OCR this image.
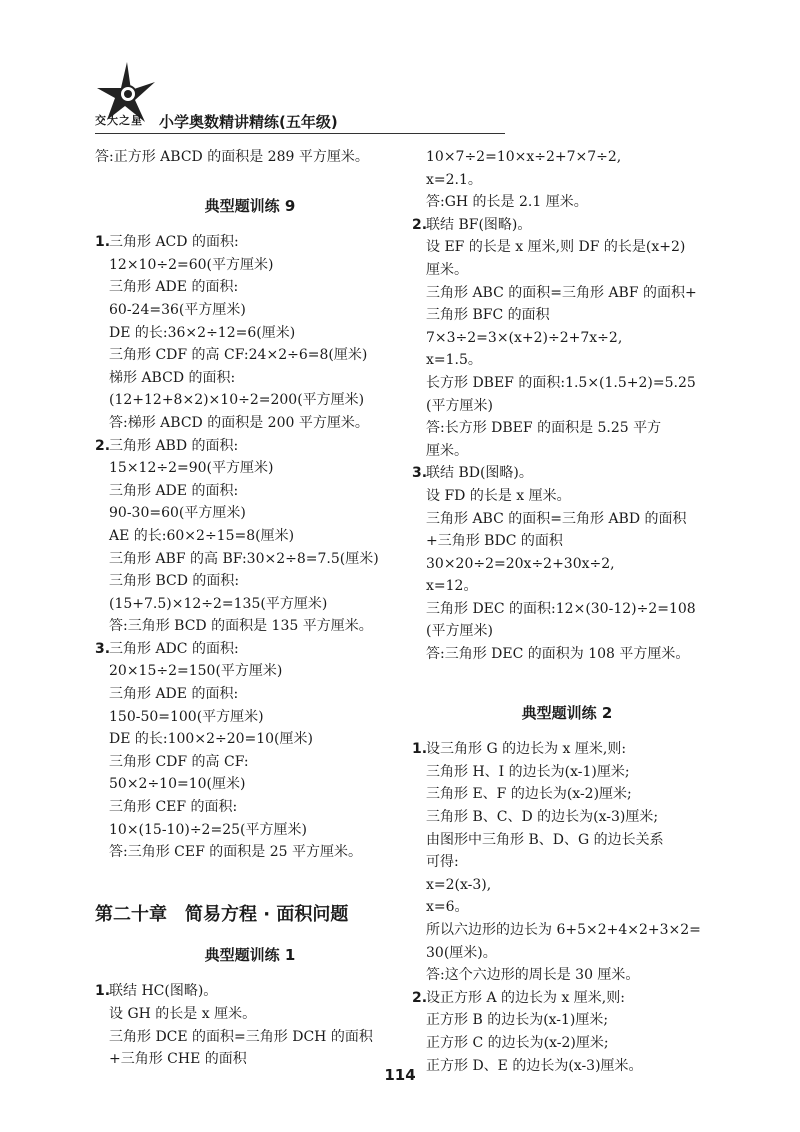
交大之星 小学奥数精讲精练(五年级)
答:正方形 ABCD 的面积是 289 平方厘米。
典型题训练 9
1.三角形 ACD 的面积:
12×10÷2=60(平方厘米)
三角形 ADE 的面积:
60-24=36(平方厘米)
DE 的长:36×2÷12=6(厘米)
三角形 CDF 的高 CF:24×2÷6=8(厘米)
梯形 ABCD 的面积:
(12+12+8×2)×10÷2=200(平方厘米)
答:梯形 ABCD 的面积是 200 平方厘米。
2.三角形 ABD 的面积:
15×12÷2=90(平方厘米)
三角形 ADE 的面积:
90-30=60(平方厘米)
AE 的长:60×2÷15=8(厘米)
三角形 ABF 的高 BF:30×2÷8=7.5(厘米)
三角形 BCD 的面积:
(15+7.5)×12÷2=135(平方厘米)
答:三角形 BCD 的面积是 135 平方厘米。
3.三角形 ADC 的面积:
20×15÷2=150(平方厘米)
三角形 ADE 的面积:
150-50=100(平方厘米)
DE 的长:100×2÷20=10(厘米)
三角形 CDF 的高 CF:
50×2÷10=10(厘米)
三角形 CEF 的面积:
10×(15-10)÷2=25(平方厘米)
答:三角形 CEF 的面积是 25 平方厘米。
第二十章　简易方程 · 面积问题
典型题训练 1
1.联结 HC(图略)。
设 GH 的长是 x 厘米。
三角形 DCE 的面积=三角形 DCH 的面积
+三角形 CHE 的面积
10×7÷2=10×x÷2+7×7÷2,
x=2.1。
答:GH 的长是 2.1 厘米。
2.联结 BF(图略)。
设 EF 的长是 x 厘米,则 DF 的长是(x+2)
厘米。
三角形 ABC 的面积=三角形 ABF 的面积+
三角形 BFC 的面积
7×3÷2=3×(x+2)÷2+7x÷2,
x=1.5。
长方形 DBEF 的面积:1.5×(1.5+2)=5.25
(平方厘米)
答:长方形 DBEF 的面积是 5.25 平方
厘米。
3.联结 BD(图略)。
设 FD 的长是 x 厘米。
三角形 ABC 的面积=三角形 ABD 的面积
+三角形 BDC 的面积
30×20÷2=20x÷2+30x÷2,
x=12。
三角形 DEC 的面积:12×(30-12)÷2=108
(平方厘米)
答:三角形 DEC 的面积为 108 平方厘米。
典型题训练 2
1.设三角形 G 的边长为 x 厘米,则:
三角形 H、I 的边长为(x-1)厘米;
三角形 E、F 的边长为(x-2)厘米;
三角形 B、C、D 的边长为(x-3)厘米;
由图形中三角形 B、D、G 的边长关系
可得:
x=2(x-3),
x=6。
所以六边形的边长为 6+5×2+4×2+3×2=
30(厘米)。
答:这个六边形的周长是 30 厘米。
2.设正方形 A 的边长为 x 厘米,则:
正方形 B 的边长为(x-1)厘米;
正方形 C 的边长为(x-2)厘米;
正方形 D、E 的边长为(x-3)厘米。
114
